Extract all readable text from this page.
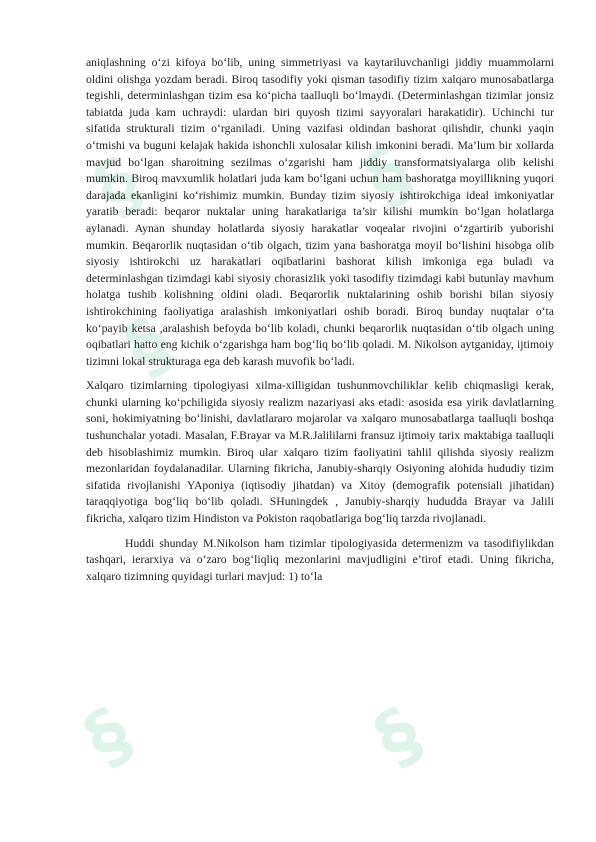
§
§
§
§	§

aniqlashning o‘zi kifoya bo‘lib, uning simmetriyasi va kaytariluvchanligi jiddiy muammolarni oldini olishga yozdam beradi. Biroq tasodifiy yoki qisman tasodifiy tizim xalqaro munosabatlarga tegishli, determinlashgan tizim esa ko‘picha taalluqli bo‘lmaydi. (Determinlashgan tizimlar jonsiz tabiatda juda kam uchraydi: ulardan biri quyosh tizimi sayyoralari harakatidir). Uchinchi tur sifatida strukturali tizim o‘rganiladi. Uning vazifasi oldindan bashorat qilishdir, chunki yaqin o‘tmishi va buguni kelajak hakida ishonchli xulosalar kilish imkonini beradi. Ma’lum bir xollarda mavjud bo‘lgan sharoitning sezilmas o‘zgarishi ham jiddiy transformatsiyalarga olib kelishi mumkin. Biroq mavxumlik holatlari juda kam bo‘lgani uchun ham bashoratga moyillikning yuqori darajada ekanligini ko‘rishimiz mumkin. Bunday tizim siyosiy ishtirokchiga ideal imkoniyatlar yaratib beradi: beqaror nuktalar uning harakatlariga ta’sir kilishi mumkin bo‘lgan holatlarga aylanadi. Aynan shunday holatlarda siyosiy harakatlar voqealar rivojini o‘zgartirib yuborishi mumkin. Beqarorlik nuqtasidan o‘tib olgach, tizim yana bashoratga moyil bo‘lishini hisobga olib siyosiy ishtirokchi uz harakatlari oqibatlarini bashorat kilish imkoniga ega buladi va determinlashgan tizimdagi kabi siyosiy chorasizlik yoki tasodifiy tizimdagi kabi butunlay mavhum holatga tushib kolishning oldini oladi. Beqarorlik nuktalarining oshib borishi bilan siyosiy ishtirokchining faoliyatiga aralashish imkoniyatlari oshib boradi. Biroq bunday nuqtalar o‘ta ko‘payib ketsa ,aralashish befoyda bo‘lib koladi, chunki beqarorlik nuqtasidan o‘tib olgach uning oqibatlari hatto eng kichik o‘zgarishga ham bog‘liq bo‘lib qoladi. M. Nikolson aytganiday, ijtimoiy tizimni lokal strukturaga ega deb karash muvofik bo‘ladi.

Xalqaro tizimlarning tipologiyasi xilma-xilligidan tushunmovchiliklar kelib chiqmasligi kerak, chunki ularning ko‘pchiligida siyosiy realizm nazariyasi aks etadi: asosida esa yirik davlatlarning soni, hokimiyatning bo‘linishi, davlatlararo mojarolar va xalqaro munosabatlarga taalluqli boshqa tushunchalar yotadi. Masalan, F.Brayar va M.R.Jalililarni fransuz ijtimoiy tarix maktabiga taalluqli deb hisoblashimiz mumkin. Biroq ular xalqaro tizim faoliyatini tahlil qilishda siyosiy realizm mezonlaridan foydalanadilar. Ularning fikricha, Janubiy-sharqiy Osiyoning alohida hududiy tizim sifatida rivojlanishi YAponiya (iqtisodiy jihatdan) va Xitoy (demografik potensiali jihatidan) taraqqiyotiga bog‘liq bo‘lib qoladi. SHuningdek , Janubiy-sharqiy hududda Brayar va Jalili fikricha, xalqaro tizim Hindiston va Pokiston raqobatlariga bog‘liq tarzda rivojlanadi.

Huddi shunday M.Nikolson ham tizimlar tipologiyasida determenizm va tasodifiylikdan tashqari, ierarxiya va o‘zaro bog‘liqliq mezonlarini mavjudligini e’tirof etadi. Uning fikricha, xalqaro tizimning quyidagi turlari mavjud: 1) to‘la
